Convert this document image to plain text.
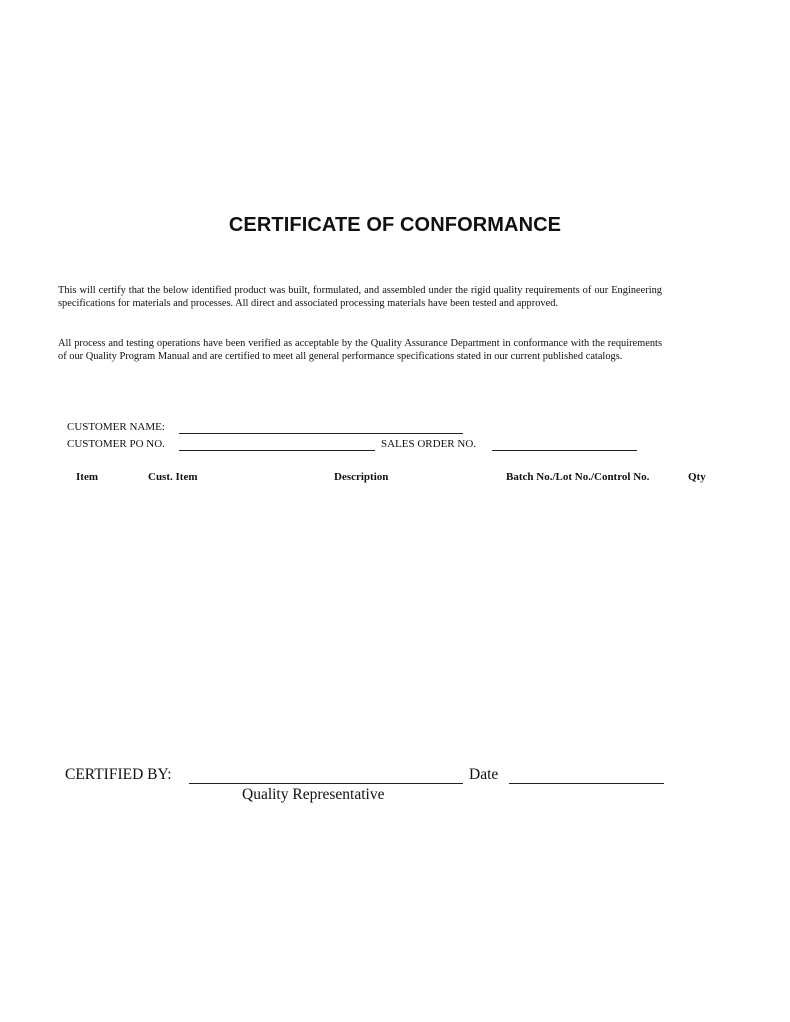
CERTIFICATE OF CONFORMANCE
This will certify that the below identified product was built, formulated, and assembled under the rigid quality requirements of our Engineering specifications for materials and processes. All direct and associated processing materials have been tested and approved.
All process and testing operations have been verified as acceptable by the Quality Assurance Department in conformance with the requirements of our Quality Program Manual and are certified to meet all general performance specifications stated in our current published catalogs.
CUSTOMER NAME:
CUSTOMER PO NO.	SALES ORDER NO.
Item	Cust. Item	Description	Batch No./Lot No./Control No.	Qty
CERTIFIED BY:	Date
Quality Representative
